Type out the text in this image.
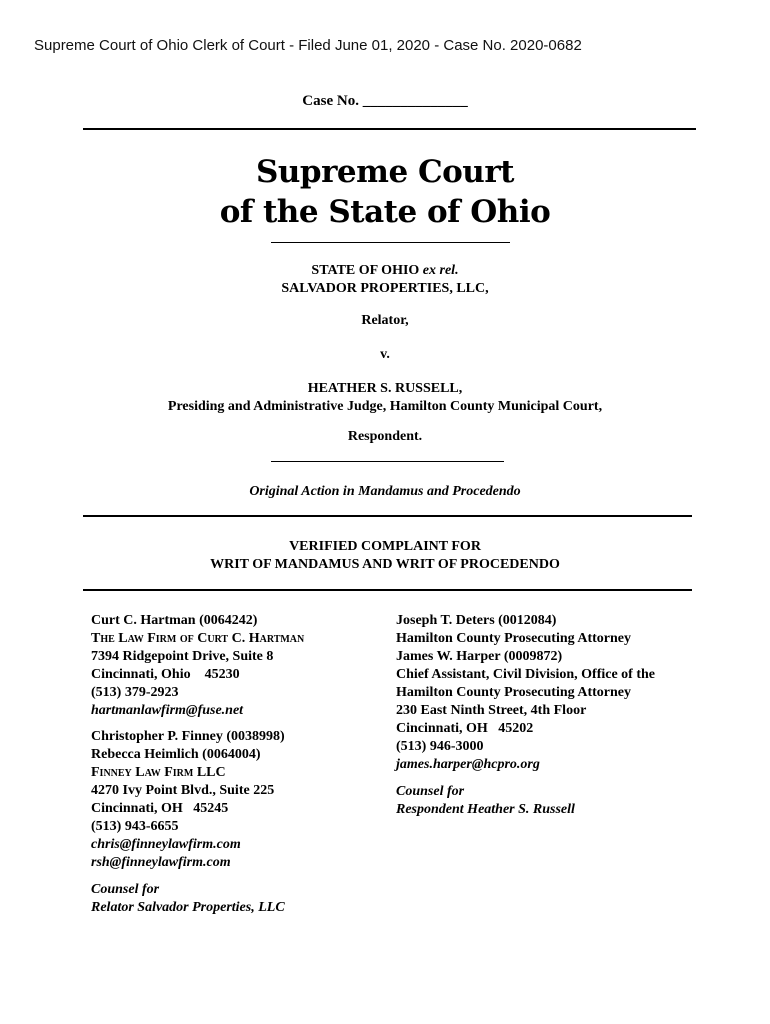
Supreme Court of Ohio Clerk of Court - Filed June 01, 2020 - Case No. 2020-0682
Case No. ______________
Supreme Court
of the State of Ohio
STATE OF OHIO ex rel.
SALVADOR PROPERTIES, LLC,
Relator,
v.
HEATHER S. RUSSELL,
Presiding and Administrative Judge, Hamilton County Municipal Court,
Respondent.
Original Action in Mandamus and Procedendo
VERIFIED COMPLAINT FOR
WRIT OF MANDAMUS AND WRIT OF PROCEDENDO
Curt C. Hartman (0064242)
The Law Firm of Curt C. Hartman
7394 Ridgepoint Drive, Suite 8
Cincinnati, Ohio    45230
(513) 379-2923
hartmanlawfirm@fuse.net
Christopher P. Finney (0038998)
Rebecca Heimlich (0064004)
Finney Law Firm LLC
4270 Ivy Point Blvd., Suite 225
Cincinnati, OH   45245
(513) 943-6655
chris@finneylawfirm.com
rsh@finneylawfirm.com
Counsel for
Relator Salvador Properties, LLC
Joseph T. Deters (0012084)
Hamilton County Prosecuting Attorney
James W. Harper (0009872)
Chief Assistant, Civil Division, Office of the
Hamilton County Prosecuting Attorney
230 East Ninth Street, 4th Floor
Cincinnati, OH   45202
(513) 946-3000
james.harper@hcpro.org
Counsel for
Respondent Heather S. Russell
